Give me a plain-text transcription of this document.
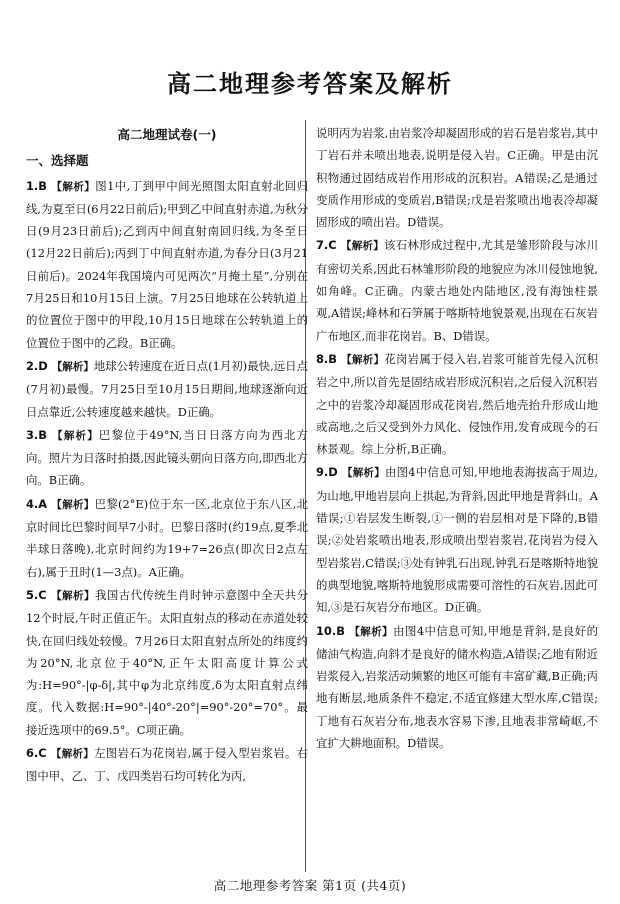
高二地理参考答案及解析
高二地理试卷(一)
一、选择题
1.B 【解析】图1中,丁到甲中间光照图太阳直射北回归线,为夏至日(6月22日前后);甲到乙中间直射赤道,为秋分日(9月23日前后);乙到丙中间直射南回归线,为冬至日(12月22日前后);丙到丁中间直射赤道,为春分日(3月21日前后)。2024年我国境内可见两次“月掩土星”,分别在7月25日和10月15日上演。7月25日地球在公转轨道上的位置位于图中的甲段,10月15日地球在公转轨道上的位置位于图中的乙段。B正确。
2.D 【解析】地球公转速度在近日点(1月初)最快,远日点(7月初)最慢。7月25日至10月15日期间,地球逐渐向近日点靠近,公转速度越来越快。D正确。
3.B 【解析】巴黎位于49°N,当日日落方向为西北方向。照片为日落时拍摄,因此镜头朝向日落方向,即西北方向。B正确。
4.A 【解析】巴黎(2°E)位于东一区,北京位于东八区,北京时间比巴黎时间早7小时。巴黎日落时(约19点,夏季北半球日落晚),北京时间约为19+7=26点(即次日2点左右),属于丑时(1—3点)。A正确。
5.C 【解析】我国古代传统生肖时钟示意图中全天共分12个时辰,午时正值正午。太阳直射点的移动在赤道处较快,在回归线处较慢。7月26日太阳直射点所处的纬度约为20°N,北京位于40°N,正午太阳高度计算公式为:H=90°-|φ-δ|,其中φ为北京纬度,δ为太阳直射点纬度。代入数据:H=90°-|40°-20°|=90°-20°=70°。最接近选项中的69.5°。C项正确。
6.C 【解析】左图岩石为花岗岩,属于侵入型岩浆岩。右图中甲、乙、丁、戊四类岩石均可转化为丙,
说明丙为岩浆,由岩浆冷却凝固形成的岩石是岩浆岩,其中丁岩石并未喷出地表,说明是侵入岩。C正确。甲是由沉积物通过固结成岩作用形成的沉积岩。A错误;乙是通过变质作用形成的变质岩,B错误;戊是岩浆喷出地表冷却凝固形成的喷出岩。D错误。
7.C 【解析】该石林形成过程中,尤其是雏形阶段与冰川有密切关系,因此石林雏形阶段的地貌应为冰川侵蚀地貌,如角峰。C正确。内蒙古地处内陆地区,没有海蚀柱景观,A错误;峰林和石笋属于喀斯特地貌景观,出现在石灰岩广布地区,而非花岗岩。B、D错误。
8.B 【解析】花岗岩属于侵入岩,岩浆可能首先侵入沉积岩之中,所以首先是固结成岩形成沉积岩,之后侵入沉积岩之中的岩浆冷却凝固形成花岗岩,然后地壳抬升形成山地或高地,之后又受到外力风化、侵蚀作用,发育成现今的石林景观。综上分析,B正确。
9.D 【解析】由图4中信息可知,甲地地表海拔高于周边,为山地,甲地岩层向上拱起,为背斜,因此甲地是背斜山。A错误;①岩层发生断裂,①一侧的岩层相对是下降的,B错误;②处岩浆喷出地表,形成喷出型岩浆岩,花岗岩为侵入型岩浆岩,C错误;③处有钟乳石出现,钟乳石是喀斯特地貌的典型地貌,喀斯特地貌形成需要可溶性的石灰岩,因此可知,③是石灰岩分布地区。D正确。
10.B 【解析】由图4中信息可知,甲地是背斜,是良好的储油气构造,向斜才是良好的储水构造,A错误;乙地有附近岩浆侵入,岩浆活动频繁的地区可能有丰富矿藏,B正确;丙地有断层,地质条件不稳定,不适宜修建大型水库,C错误;丁地有石灰岩分布,地表水容易下渗,且地表非常崎岖,不宜扩大耕地面积。D错误。
高二地理参考答案 第1页 (共4页)
